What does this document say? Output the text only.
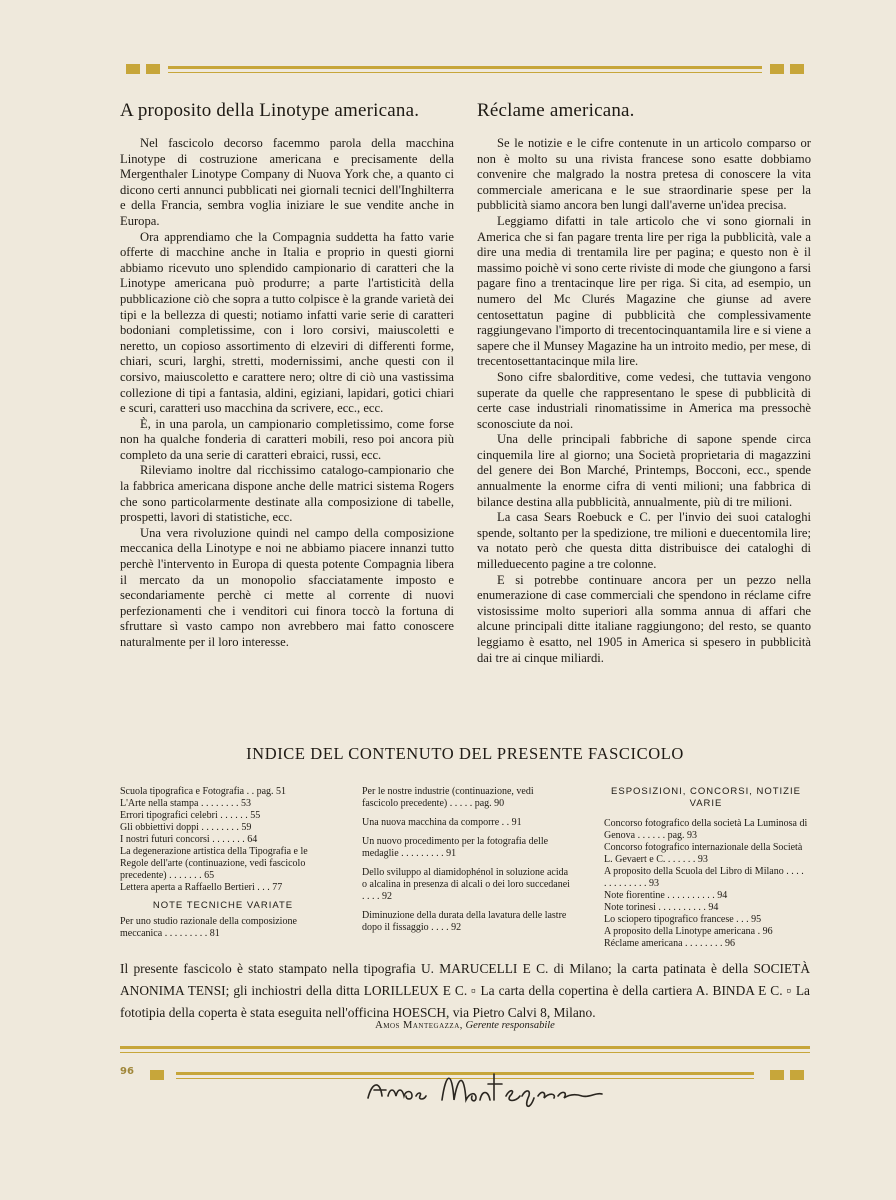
A proposito della Linotype americana.

Nel fascicolo decorso facemmo parola della macchina Linotype di costruzione americana e precisamente della Mergenthaler Linotype Company di Nuova York che, a quanto ci dicono certi annunci pubblicati nei giornali tecnici dell'Inghilterra e della Francia, sembra voglia iniziare le sue vendite anche in Europa.

Ora apprendiamo che la Compagnia suddetta ha fatto varie offerte di macchine anche in Italia e proprio in questi giorni abbiamo ricevuto uno splendido campionario di caratteri che la Linotype americana può produrre; a parte l'artisticità della pubblicazione ciò che sopra a tutto colpisce è la grande varietà dei tipi e la bellezza di questi; notiamo infatti varie serie di caratteri bodoniani completissime, con i loro corsivi, maiuscoletti e neretto, un copioso assortimento di elzeviri di differenti forme, chiari, scuri, larghi, stretti, modernissimi, anche questi con il corsivo, maiuscoletto e carattere nero; oltre di ciò una vastissima collezione di tipi a fantasia, aldini, egiziani, lapidari, gotici chiari e scuri, caratteri uso macchina da scrivere, ecc., ecc.

È, in una parola, un campionario completissimo, come forse non ha qualche fonderia di caratteri mobili, reso poi ancora più completo da una serie di caratteri ebraici, russi, ecc.

Rileviamo inoltre dal ricchissimo catalogo-campionario che la fabbrica americana dispone anche delle matrici sistema Rogers che sono particolarmente destinate alla composizione di tabelle, prospetti, lavori di statistiche, ecc.

Una vera rivoluzione quindi nel campo della composizione meccanica della Linotype e noi ne abbiamo piacere innanzi tutto perchè l'intervento in Europa di questa potente Compagnia libera il mercato da un monopolio sfacciatamente imposto e secondariamente perchè ci mette al corrente di nuovi perfezionamenti che i venditori cui finora toccò la fortuna di sfruttare sì vasto campo non avrebbero mai fatto conoscere naturalmente per il loro interesse.

Réclame americana.

Se le notizie e le cifre contenute in un articolo comparso or non è molto su una rivista francese sono esatte dobbiamo convenire che malgrado la nostra pretesa di conoscere la vita commerciale americana e le sue straordinarie spese per la pubblicità siamo ancora ben lungi dall'averne un'idea precisa.

Leggiamo difatti in tale articolo che vi sono giornali in America che si fan pagare trenta lire per riga la pubblicità, vale a dire una media di trentamila lire per pagina; e questo non è il massimo poichè vi sono certe riviste di mode che giungono a farsi pagare fino a trentacinque lire per riga. Si cita, ad esempio, un numero del Mc Clurés Magazine che giunse ad avere centosettatun pagine di pubblicità che complessivamente raggiungevano l'importo di trecentocinquantamila lire e si viene a sapere che il Munsey Magazine ha un introito medio, per mese, di trecentosettantacinque mila lire.

Sono cifre sbalorditive, come vedesi, che tuttavia vengono superate da quelle che rappresentano le spese di pubblicità di certe case industriali rinomatissime in America ma pressochè sconosciute da noi.

Una delle principali fabbriche di sapone spende circa cinquemila lire al giorno; una Società proprietaria di magazzini del genere dei Bon Marché, Printemps, Bocconi, ecc., spende annualmente la enorme cifra di venti milioni; una fabbrica di bilance destina alla pubblicità, annualmente, più di tre milioni.

La casa Sears Roebuck e C. per l'invio dei suoi cataloghi spende, soltanto per la spedizione, tre milioni e duecentomila lire; va notato però che questa ditta distribuisce dei cataloghi di milleduecento pagine a tre colonne.

E si potrebbe continuare ancora per un pezzo nella enumerazione di case commerciali che spendono in réclame cifre vistosissime molto superiori alla somma annua di affari che alcune principali ditte italiane raggiungono; del resto, se quanto leggiamo è esatto, nel 1905 in America si spesero in pubblicità dai tre ai cinque miliardi.

INDICE DEL CONTENUTO DEL PRESENTE FASCICOLO
Scuola tipografica e Fotografia . . pag. 51
L'Arte nella stampa . . . . . . . . 53
Errori tipografici celebri . . . . . . 55
Gli obbiettivi doppi . . . . . . . . 59
I nostri futuri concorsi . . . . . . . 64
La degenerazione artistica della Tipografia e le Regole dell'arte (continuazione, vedi fascicolo precedente) . . . . . . . 65
Lettera aperta a Raffaello Bertieri . . . 77
NOTE TECNICHE VARIATE
Per uno studio razionale della composizione meccanica . . . . . . . . . 81
Per le nostre industrie (continuazione, vedi fascicolo precedente) . . . . . pag. 90
Una nuova macchina da comporre . . 91
Un nuovo procedimento per la fotografia delle medaglie . . . . . . . . . 91
Dello sviluppo al diamidophénol in soluzione acida o alcalina in presenza di alcali o dei loro succedanei . . . . 92
Diminuzione della durata della lavatura delle lastre dopo il fissaggio . . . . 92
ESPOSIZIONI, CONCORSI, NOTIZIE VARIE
Concorso fotografico della società La Luminosa di Genova . . . . . . pag. 93
Concorso fotografico internazionale della Società L. Gevaert e C. . . . . . . 93
A proposito della Scuola del Libro di Milano . . . . . . . . . . . . . 93
Note fiorentine . . . . . . . . . . 94
Note torinesi . . . . . . . . . . 94
Lo sciopero tipografico francese . . . 95
A proposito della Linotype americana . 96
Réclame americana . . . . . . . . 96
Il presente fascicolo è stato stampato nella tipografia U. MARUCELLI E C. di Milano; la carta patinata è della SOCIETÀ ANONIMA TENSI; gli inchiostri della ditta LORILLEUX E C. ▫ La carta della copertina è della cartiera A. BINDA E C. ▫ La fototipia della coperta è stata eseguita nell'officina HOESCH, via Pietro Calvi 8, Milano.
Amos Mantegazza, Gerente responsabile
96
